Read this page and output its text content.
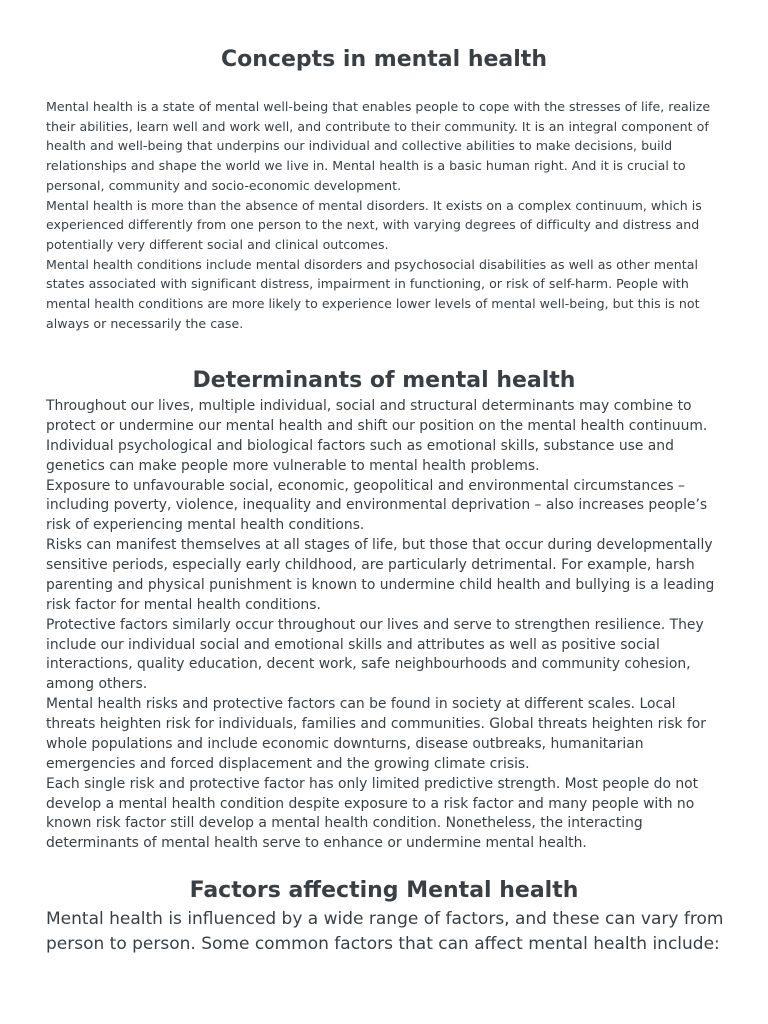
Concepts in mental health

Mental health is a state of mental well-being that enables people to cope with the stresses of life, realize their abilities, learn well and work well, and contribute to their community. It is an integral component of health and well-being that underpins our individual and collective abilities to make decisions, build relationships and shape the world we live in. Mental health is a basic human right. And it is crucial to personal, community and socio-economic development.

Mental health is more than the absence of mental disorders. It exists on a complex continuum, which is experienced differently from one person to the next, with varying degrees of difficulty and distress and potentially very different social and clinical outcomes.

Mental health conditions include mental disorders and psychosocial disabilities as well as other mental states associated with significant distress, impairment in functioning, or risk of self-harm. People with mental health conditions are more likely to experience lower levels of mental well-being, but this is not always or necessarily the case.

Determinants of mental health

Throughout our lives, multiple individual, social and structural determinants may combine to protect or undermine our mental health and shift our position on the mental health continuum.

Individual psychological and biological factors such as emotional skills, substance use and genetics can make people more vulnerable to mental health problems.

Exposure to unfavourable social, economic, geopolitical and environmental circumstances – including poverty, violence, inequality and environmental deprivation – also increases people’s risk of experiencing mental health conditions.

Risks can manifest themselves at all stages of life, but those that occur during developmentally sensitive periods, especially early childhood, are particularly detrimental. For example, harsh parenting and physical punishment is known to undermine child health and bullying is a leading risk factor for mental health conditions.

Protective factors similarly occur throughout our lives and serve to strengthen resilience. They include our individual social and emotional skills and attributes as well as positive social interactions, quality education, decent work, safe neighbourhoods and community cohesion, among others.

Mental health risks and protective factors can be found in society at different scales. Local threats heighten risk for individuals, families and communities. Global threats heighten risk for whole populations and include economic downturns, disease outbreaks, humanitarian emergencies and forced displacement and the growing climate crisis.

Each single risk and protective factor has only limited predictive strength. Most people do not develop a mental health condition despite exposure to a risk factor and many people with no known risk factor still develop a mental health condition. Nonetheless, the interacting determinants of mental health serve to enhance or undermine mental health.

Factors affecting Mental health

Mental health is influenced by a wide range of factors, and these can vary from person to person. Some common factors that can affect mental health include:
